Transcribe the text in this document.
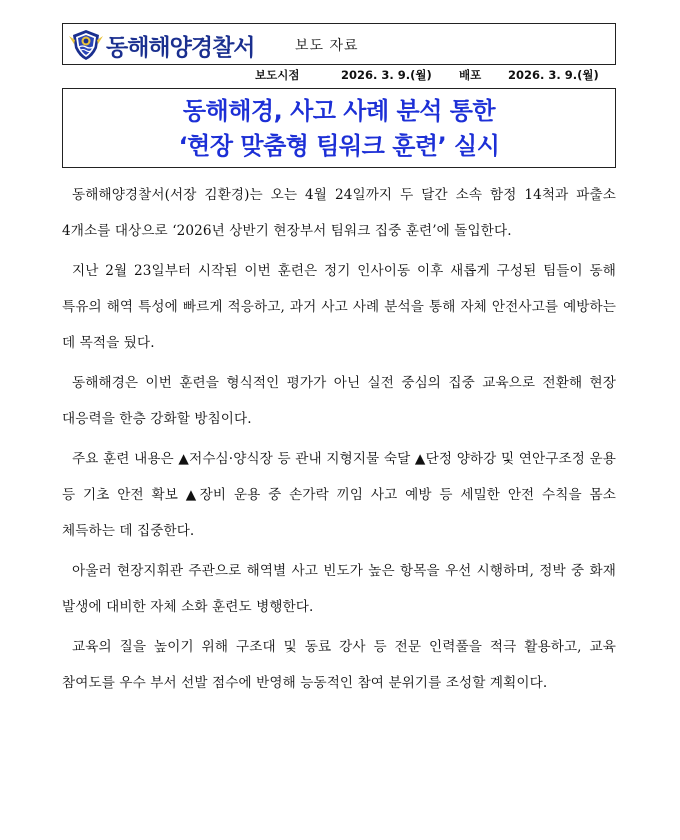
동해해양경찰서	보도 자료
보도시점	2026. 3. 9.(월) 배포 2026. 3. 9.(월)
동해해경, 사고 사례 분석 통한
‘현장 맞춤형 팀워크 훈련’ 실시

동해해양경찰서(서장 김환경)는 오는 4월 24일까지 두 달간 소속 함정 14척과 파출소 4개소를 대상으로 ‘2026년 상반기 현장부서 팀워크 집중 훈련’에 돌입한다.

지난 2월 23일부터 시작된 이번 훈련은 정기 인사이동 이후 새롭게 구성된 팀들이 동해 특유의 해역 특성에 빠르게 적응하고, 과거 사고 사례 분석을 통해 자체 안전사고를 예방하는 데 목적을 뒀다.

동해해경은 이번 훈련을 형식적인 평가가 아닌 실전 중심의 집중 교육으로 전환해 현장 대응력을 한층 강화할 방침이다.

주요 훈련 내용은 ▲저수심·양식장 등 관내 지형지물 숙달 ▲단정 양하강 및 연안구조정 운용 등 기초 안전 확보 ▲장비 운용 중 손가락 끼임 사고 예방 등 세밀한 안전 수칙을 몸소 체득하는 데 집중한다.

아울러 현장지휘관 주관으로 해역별 사고 빈도가 높은 항목을 우선 시행하며, 정박 중 화재 발생에 대비한 자체 소화 훈련도 병행한다.

교육의 질을 높이기 위해 구조대 및 동료 강사 등 전문 인력풀을 적극 활용하고, 교육 참여도를 우수 부서 선발 점수에 반영해 능동적인 참여 분위기를 조성할 계획이다.
